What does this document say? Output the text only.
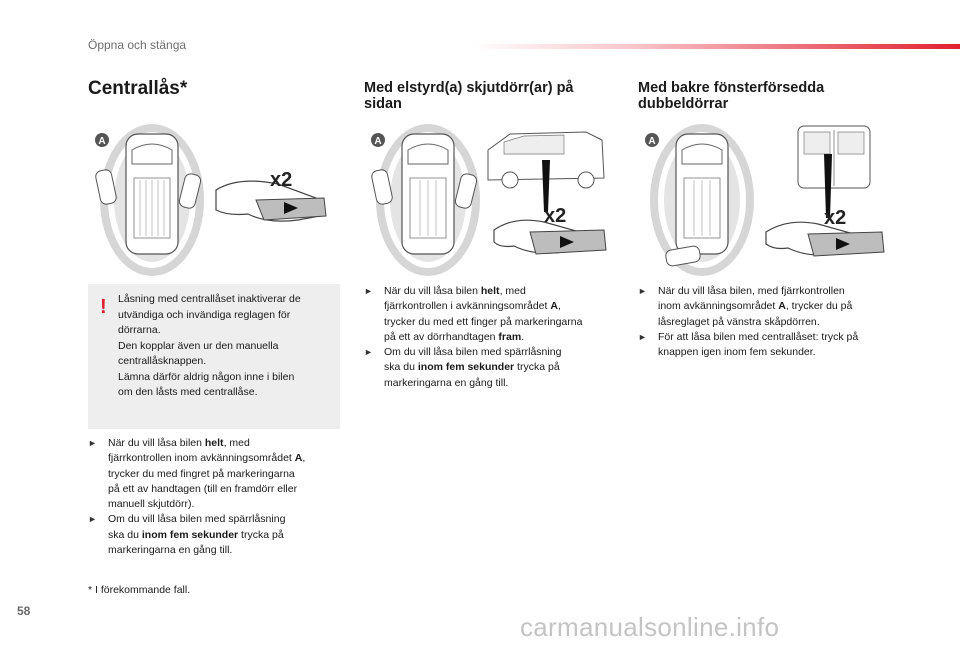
Öppna och stänga
Centrallås*	Med elstyrd(a) skjutdörr(ar) på
sidan
Med bakre fönsterförsedda
dubbeldörrar
A
x2
A
x2
A
x2
! Låsning med centrallåset inaktiverar de
utvändiga och invändiga reglagen för
dörrarna.
Den kopplar även ur den manuella
centrallåsknappen.
Lämna därför aldrig någon inne i bilen
om den låsts med centrallåse.
► När du vill låsa bilen helt, med
fjärrkontrollen inom avkänningsområdet A,
trycker du med fingret på markeringarna
på ett av handtagen (till en framdörr eller
manuell skjutdörr).
► Om du vill låsa bilen med spärrlåsning
ska du inom fem sekunder trycka på
markeringarna en gång till.
► När du vill låsa bilen helt, med
fjärrkontrollen i avkänningsområdet A,
trycker du med ett finger på markeringarna
på ett av dörrhandtagen fram.
► Om du vill låsa bilen med spärrlåsning
ska du inom fem sekunder trycka på
markeringarna en gång till.
► När du vill låsa bilen, med fjärrkontrollen
inom avkänningsområdet A, trycker du på
låsreglaget på vänstra skåpdörren.
► För att låsa bilen med centrallåset: tryck på
knappen igen inom fem sekunder.
* I förekommande fall.
58
carmanualsonline.info
